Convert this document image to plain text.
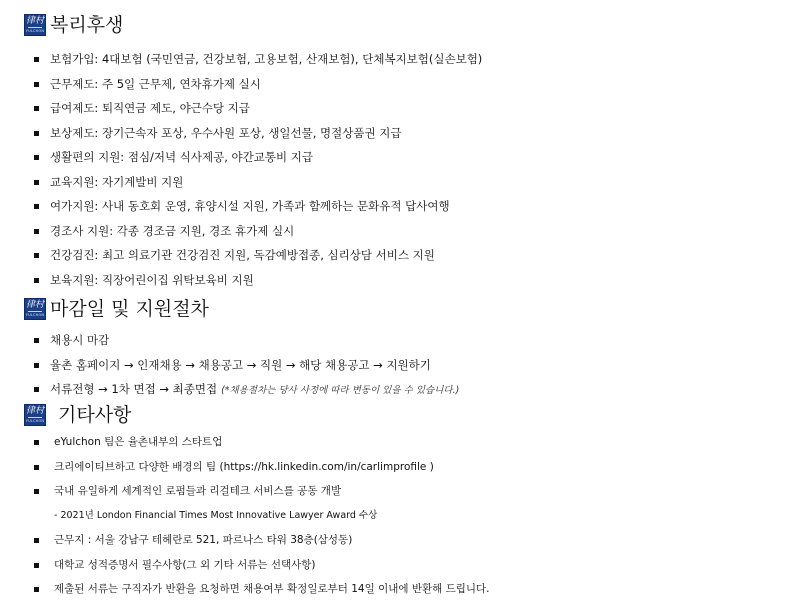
律村
YULCHON 복리후생
보험가입: 4대보험 (국민연금, 건강보험, 고용보험, 산재보험), 단체복지보험(실손보험)
근무제도: 주 5일 근무제, 연차휴가제 실시
급여제도: 퇴직연금 제도, 야근수당 지급
보상제도: 장기근속자 포상, 우수사원 포상, 생일선물, 명절상품권 지급
생활편의 지원: 점심/저녁 식사제공, 야간교통비 지급
교육지원: 자기계발비 지원
여가지원: 사내 동호회 운영, 휴양시설 지원, 가족과 함께하는 문화유적 답사여행
경조사 지원: 각종 경조금 지원, 경조 휴가제 실시
건강검진: 최고 의료기관 건강검진 지원, 독감예방접종, 심리상담 서비스 지원
보육지원: 직장어린이집 위탁보육비 지원
律村
YULCHON 마감일 및 지원절차
채용시 마감
율촌 홈페이지 → 인재채용 → 채용공고 → 직원 → 해당 채용공고 → 지원하기
서류전형 → 1차 면접 → 최종면접 (*채용절차는 당사 사정에 따라 변동이 있을 수 있습니다.)
律村
YULCHON 기타사항
eYulchon 팀은 율촌내부의 스타트업
크리에이티브하고 다양한 배경의 팀 (https://hk.linkedin.com/in/carlimprofile )
국내 유일하게 세계적인 로펌들과 리걸테크 서비스를 공동 개발
- 2021년 London Financial Times Most Innovative Lawyer Award 수상
근무지 : 서울 강남구 테헤란로 521, 파르나스 타워 38층(삼성동)
대학교 성적증명서 필수사항(그 외 기타 서류는 선택사항)
제출된 서류는 구직자가 반환을 요청하면 채용여부 확정일로부터 14일 이내에 반환해 드립니다.
